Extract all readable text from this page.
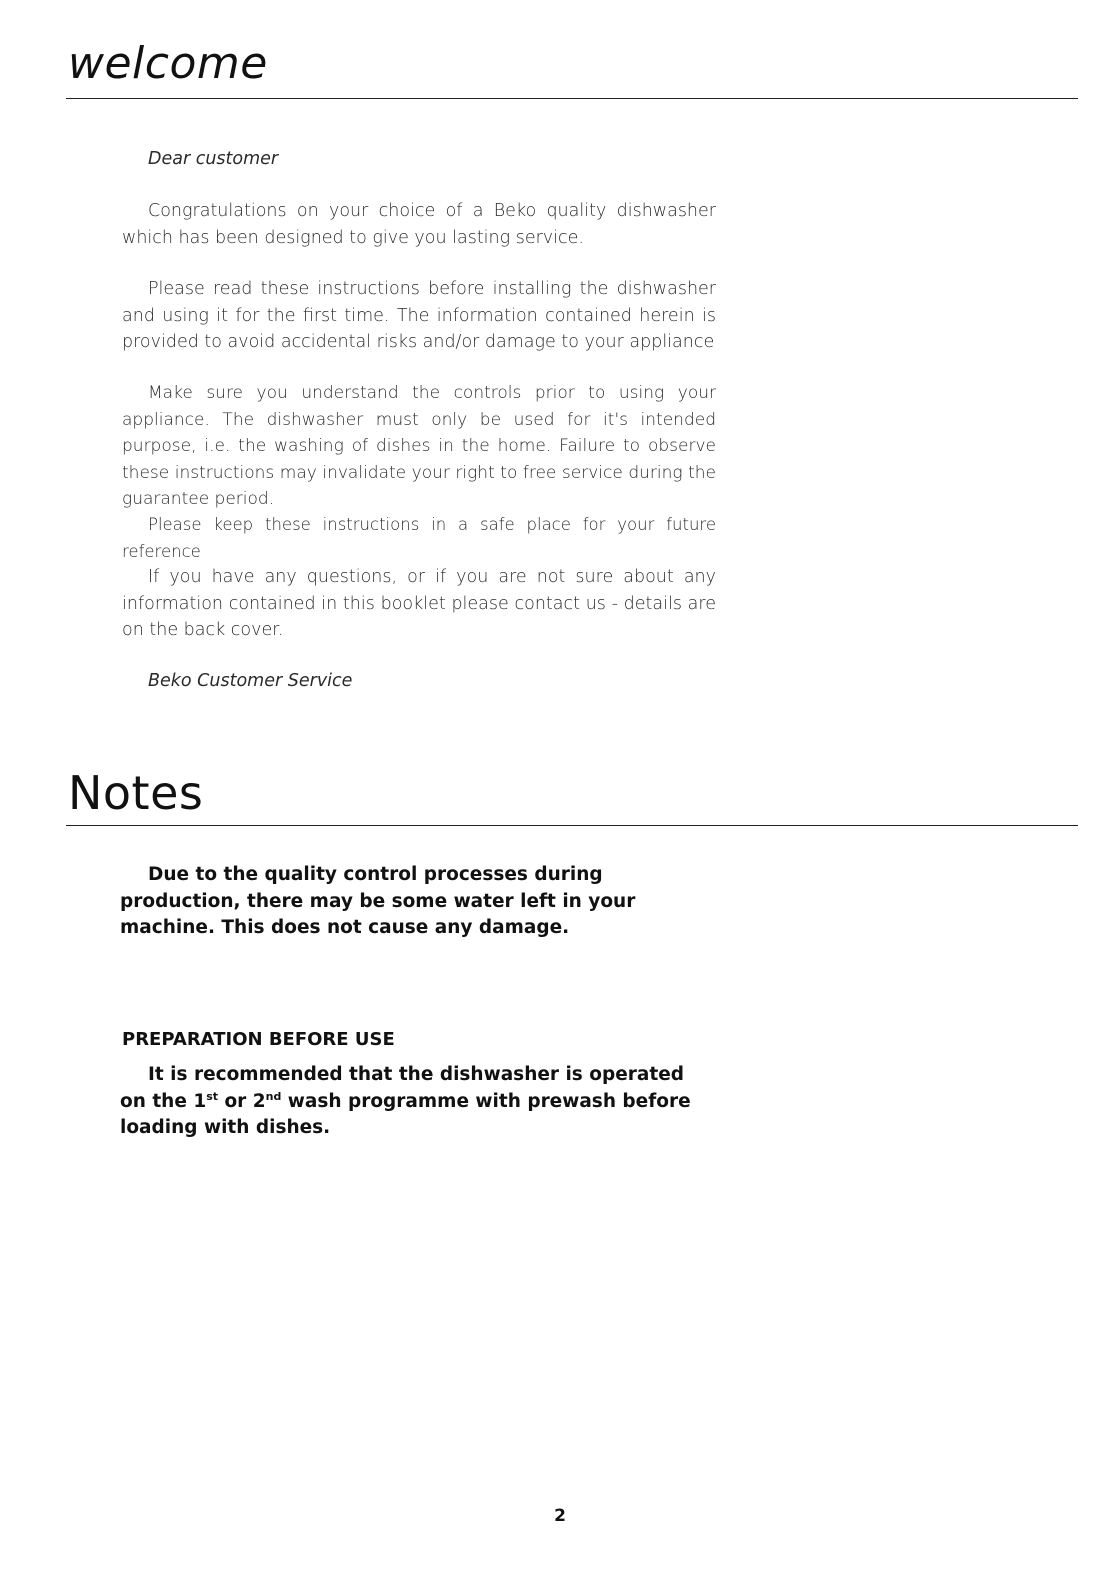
welcome

Dear customer

Congratulations on your choice of a Beko quality dishwasher which has been designed to give you lasting service.

Please read these instructions before installing the dishwasher and using it for the first time. The information contained herein is provided to avoid accidental risks and/or damage to your appliance

Make sure you understand the controls prior to using your appliance. The dishwasher must only be used for it's intended purpose, i.e. the washing of dishes in the home. Failure to observe these instructions may invalidate your right to free service during the guarantee period.

Please keep these instructions in a safe place for your future reference

If you have any questions, or if you are not sure about any information contained in this booklet please contact us - details are on the back cover.

Beko Customer Service

Notes

Due to the quality control processes during production, there may be some water left in your machine. This does not cause any damage.

PREPARATION BEFORE USE

It is recommended that the dishwasher is operated on the 1st or 2nd wash programme with prewash before loading with dishes.

2
